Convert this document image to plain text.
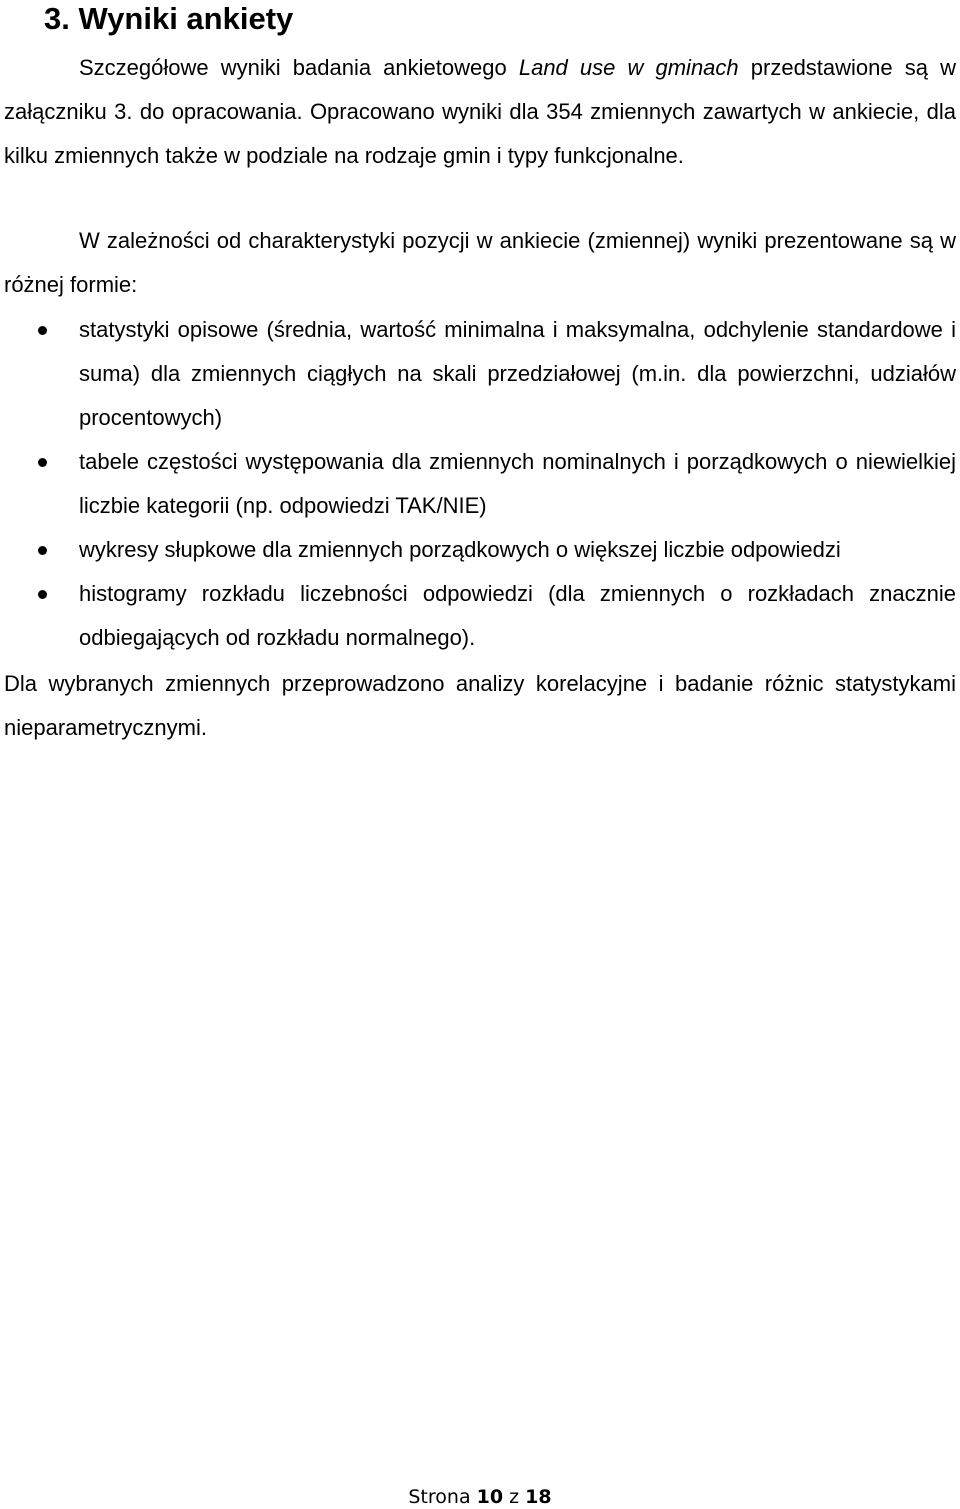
3. Wyniki ankiety

Szczegółowe wyniki badania ankietowego Land use w gminach przedstawione są w załączniku 3. do opracowania. Opracowano wyniki dla 354 zmiennych zawartych w ankiecie, dla kilku zmiennych także w podziale na rodzaje gmin i typy funkcjonalne.

W zależności od charakterystyki pozycji w ankiecie (zmiennej) wyniki prezentowane są w różnej formie:

statystyki opisowe (średnia, wartość minimalna i maksymalna, odchylenie standardowe i suma) dla zmiennych ciągłych na skali przedziałowej (m.in. dla powierzchni, udziałów procentowych)
tabele częstości występowania dla zmiennych nominalnych i porządkowych o niewielkiej liczbie kategorii (np. odpowiedzi TAK/NIE)
wykresy słupkowe dla zmiennych porządkowych o większej liczbie odpowiedzi
histogramy rozkładu liczebności odpowiedzi (dla zmiennych o rozkładach znacznie odbiegających od rozkładu normalnego).

Dla wybranych zmiennych przeprowadzono analizy korelacyjne i badanie różnic statystykami nieparametrycznymi.

Strona 10 z 18
